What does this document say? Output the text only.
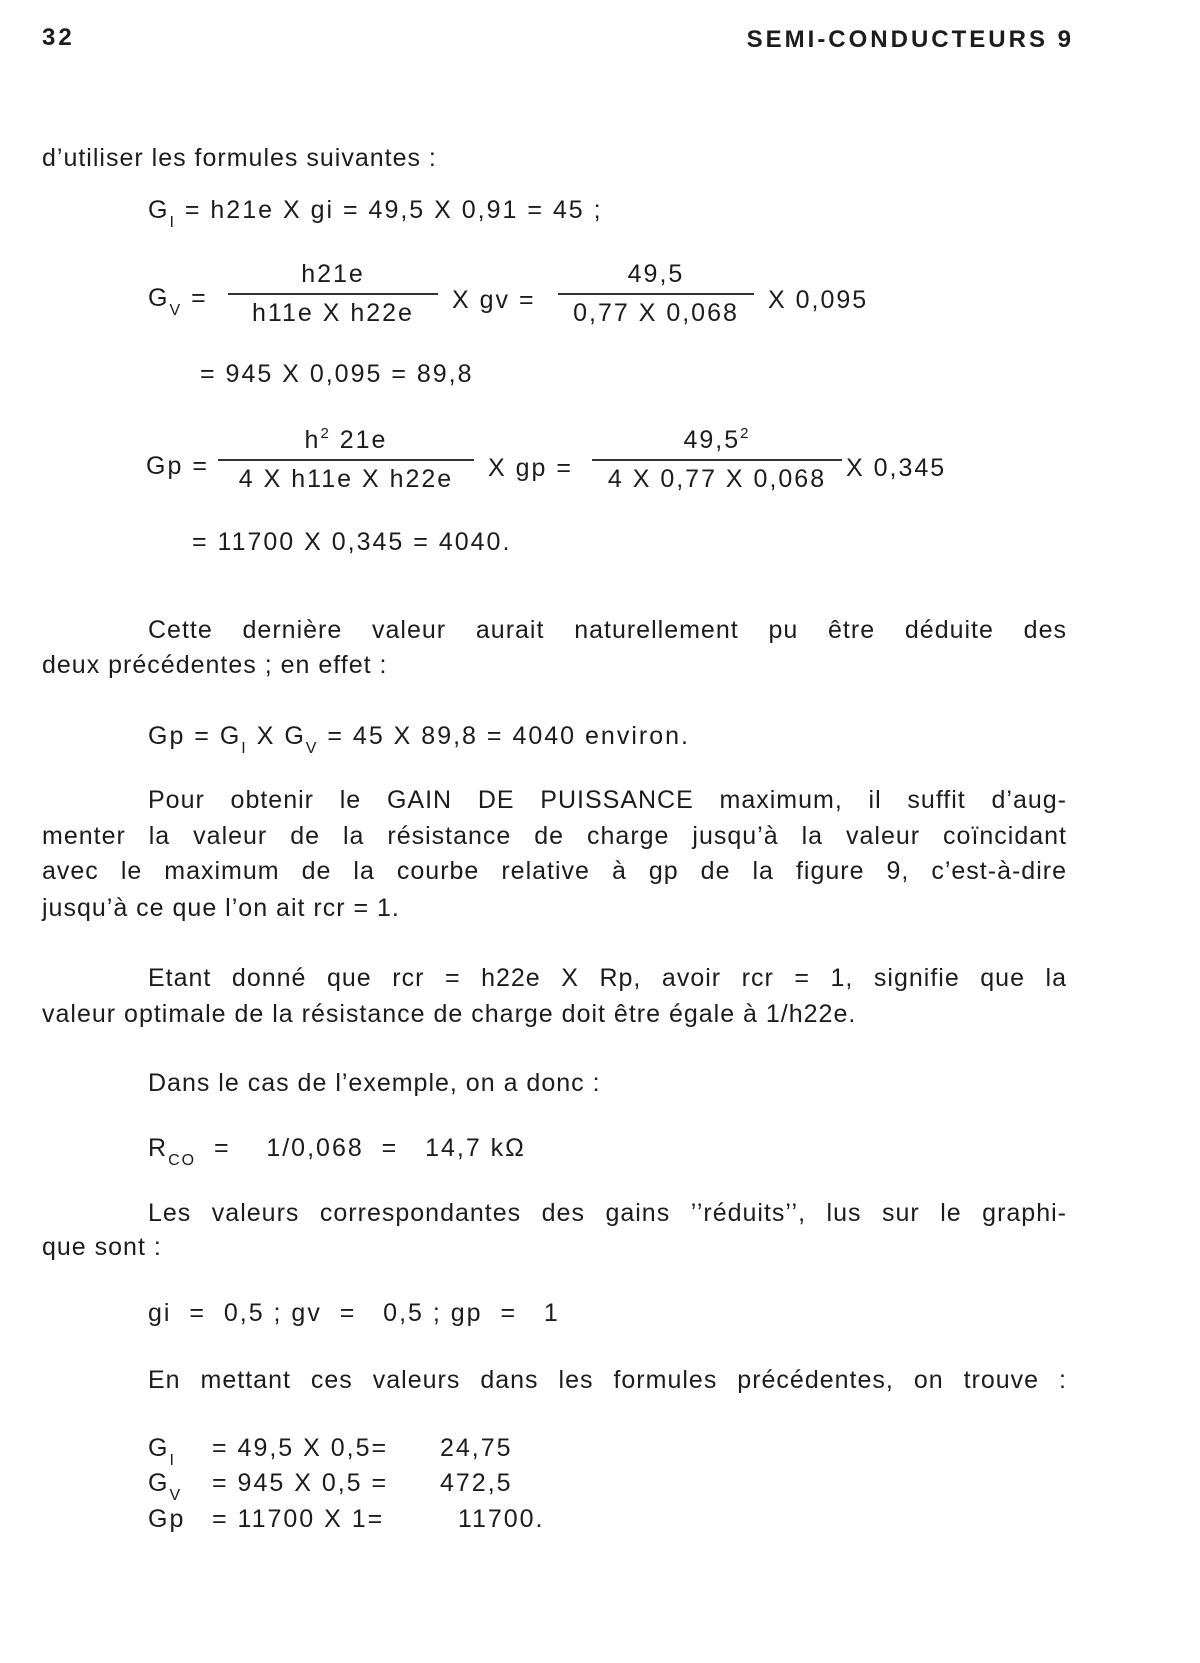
32	SEMI-CONDUCTEURS 9
d’utiliser les formules suivantes :
$G_I = h21e$ X gi = 49,5 X 0,91 = 45 ;
$G_V = \frac{h21e}{\text{h11e X h22e}}$ X gv = $\frac{49,5}{0,77 X 0,068}$ X 0,095
= 945 X 0,095 = 89,8
$Gp = \frac{h^2 21e}{\text{4 X h11e X h22e}}$ X gp = $\frac{49,5^2}{4 X 0,77 X 0,068}$ X 0,345
= 11700 X 0,345 = 4040.
Cette dernière valeur aurait naturellement pu être déduite des
deux précédentes ; en effet :
$Gp = G_I$ X $G_V = 45$ X 89,8 = 4040 environ.
Pour obtenir le GAIN DE PUISSANCE maximum, il suffit d’aug-
menter la valeur de la résistance de charge jusqu’à la valeur coïncidant
avec le maximum de la courbe relative à gp de la figure 9, c’est-à-dire
jusqu’à ce que l’on ait rcr = 1.
Etant donné que rcr = h22e X Rp, avoir rcr = 1, signifie que la
valeur optimale de la résistance de charge doit être égale à 1/h22e.
Dans le cas de l’exemple, on a donc :
$R_{CO}$  =    1/0,068  =   14,7 kΩ
Les valeurs correspondantes des gains ’’réduits’’, lus sur le graphi-
que sont :
gi  =  0,5 ; gv  =   0,5 ; gp  =   1
En mettant ces valeurs dans les formules précédentes, on trouve :
$G_I = 49,5$ X 0,5= 24,75
$G_V = 945$ X 0,5 = 472,5
Gp = 11700 X 1= 11700.
